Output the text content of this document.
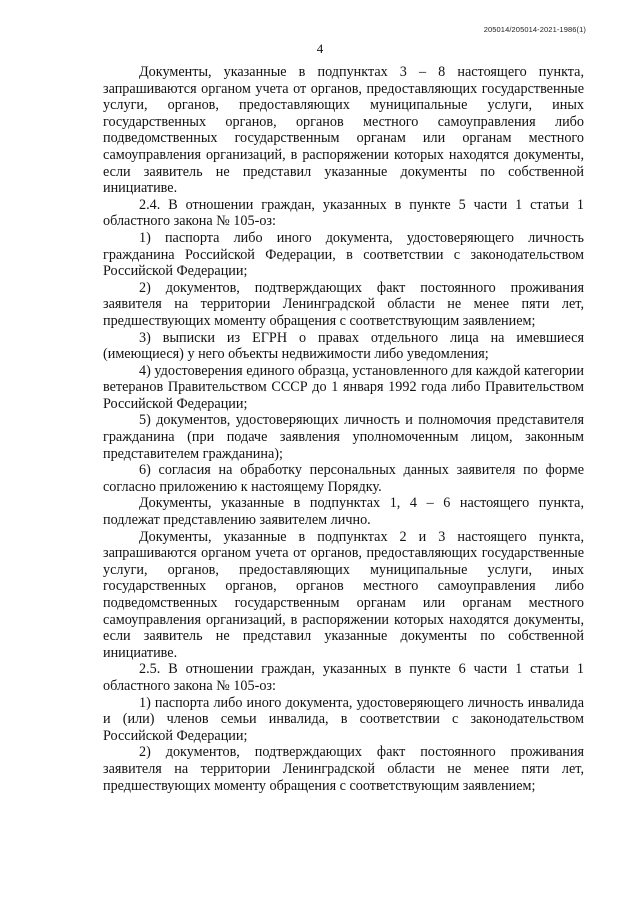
205014/205014-2021-1986(1)
4

Документы, указанные в подпунктах 3 – 8 настоящего пункта, запрашиваются органом учета от органов, предоставляющих государственные услуги, органов, предоставляющих муниципальные услуги, иных государственных органов, органов местного самоуправления либо подведомственных государственным органам или органам местного самоуправления организаций, в распоряжении которых находятся документы, если заявитель не представил указанные документы по собственной инициативе.

2.4. В отношении граждан, указанных в пункте 5 части 1 статьи 1 областного закона № 105-оз:

1) паспорта либо иного документа, удостоверяющего личность гражданина Российской Федерации, в соответствии с законодательством Российской Федерации;

2) документов, подтверждающих факт постоянного проживания заявителя на территории Ленинградской области не менее пяти лет, предшествующих моменту обращения с соответствующим заявлением;

3) выписки из ЕГРН о правах отдельного лица на имевшиеся (имеющиеся) у него объекты недвижимости либо уведомления;

4) удостоверения единого образца, установленного для каждой категории ветеранов Правительством СССР до 1 января 1992 года либо Правительством Российской Федерации;

5) документов, удостоверяющих личность и полномочия представителя гражданина (при подаче заявления уполномоченным лицом, законным представителем гражданина);

6) согласия на обработку персональных данных заявителя по форме согласно приложению к настоящему Порядку.

Документы, указанные в подпунктах 1, 4 – 6 настоящего пункта, подлежат представлению заявителем лично.

Документы, указанные в подпунктах 2 и 3 настоящего пункта, запрашиваются органом учета от органов, предоставляющих государственные услуги, органов, предоставляющих муниципальные услуги, иных государственных органов, органов местного самоуправления либо подведомственных государственным органам или органам местного самоуправления организаций, в распоряжении которых находятся документы, если заявитель не представил указанные документы по собственной инициативе.

2.5. В отношении граждан, указанных в пункте 6 части 1 статьи 1 областного закона № 105-оз:

1) паспорта либо иного документа, удостоверяющего личность инвалида и (или) членов семьи инвалида, в соответствии с законодательством Российской Федерации;

2) документов, подтверждающих факт постоянного проживания заявителя на территории Ленинградской области не менее пяти лет, предшествующих моменту обращения с соответствующим заявлением;
